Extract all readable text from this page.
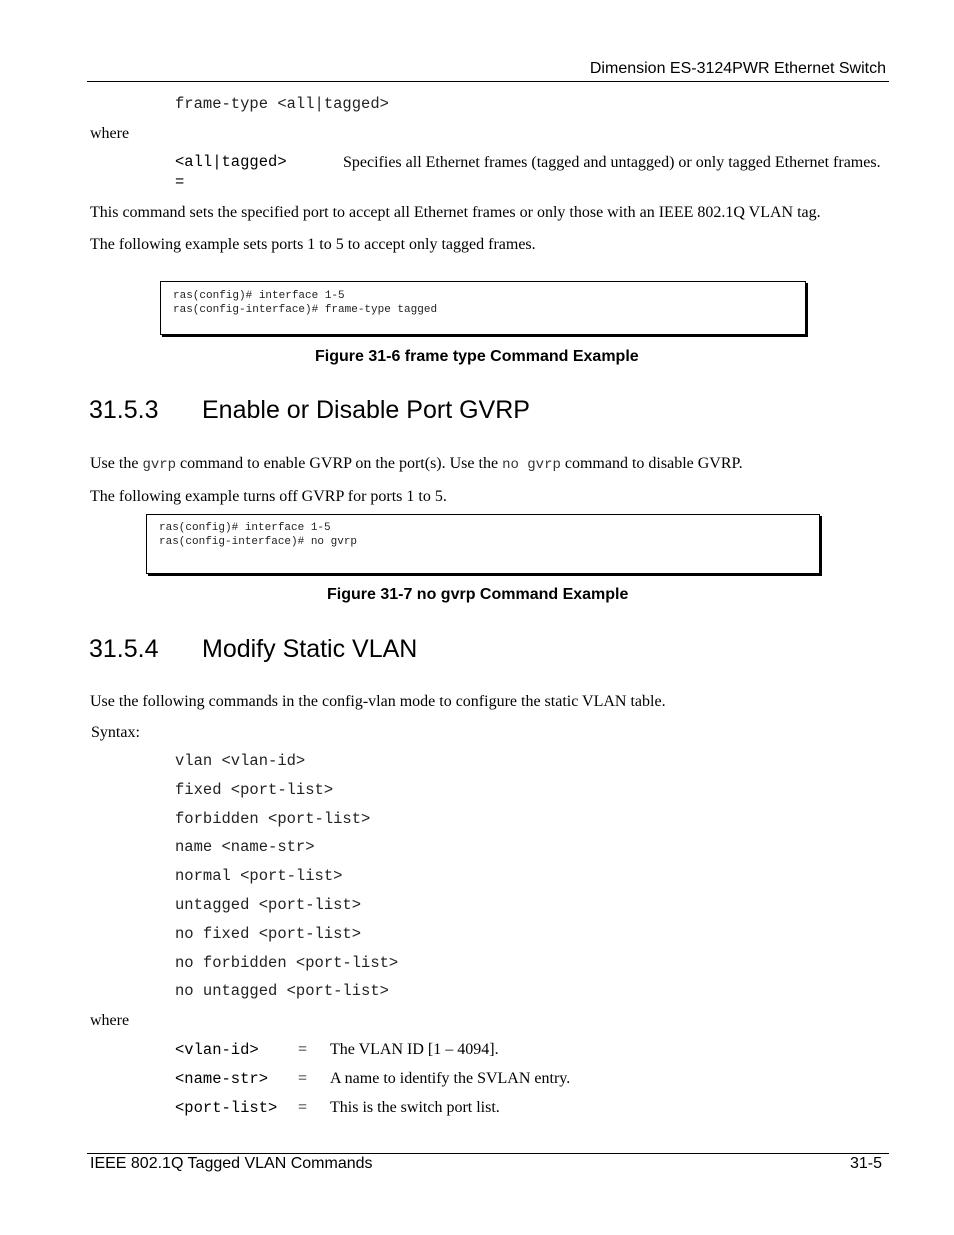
Dimension ES-3124PWR Ethernet Switch
frame-type <all|tagged>
where
<all|tagged>
=
Specifies all Ethernet frames (tagged and untagged) or only tagged Ethernet frames.
This command sets the specified port to accept all Ethernet frames or only those with an IEEE 802.1Q VLAN tag.
The following example sets ports 1 to 5 to accept only tagged frames.
ras(config)# interface 1-5
ras(config-interface)# frame-type tagged
Figure 31-6 frame type Command Example
31.5.3 Enable or Disable Port GVRP
Use the gvrp command to enable GVRP on the port(s). Use the no gvrp command to disable GVRP.
The following example turns off GVRP for ports 1 to 5.
ras(config)# interface 1-5
ras(config-interface)# no gvrp
Figure 31-7 no gvrp Command Example
31.5.4 Modify Static VLAN
Use the following commands in the config-vlan mode to configure the static VLAN table.
Syntax:
vlan <vlan-id>
fixed <port-list>
forbidden <port-list>
name <name-str>
normal <port-list>
untagged <port-list>
no fixed <port-list>
no forbidden <port-list>
no untagged <port-list>
where
<vlan-id> = The VLAN ID [1 – 4094].
<name-str> = A name to identify the SVLAN entry.
<port-list> = This is the switch port list.
IEEE 802.1Q Tagged VLAN Commands	31-5
